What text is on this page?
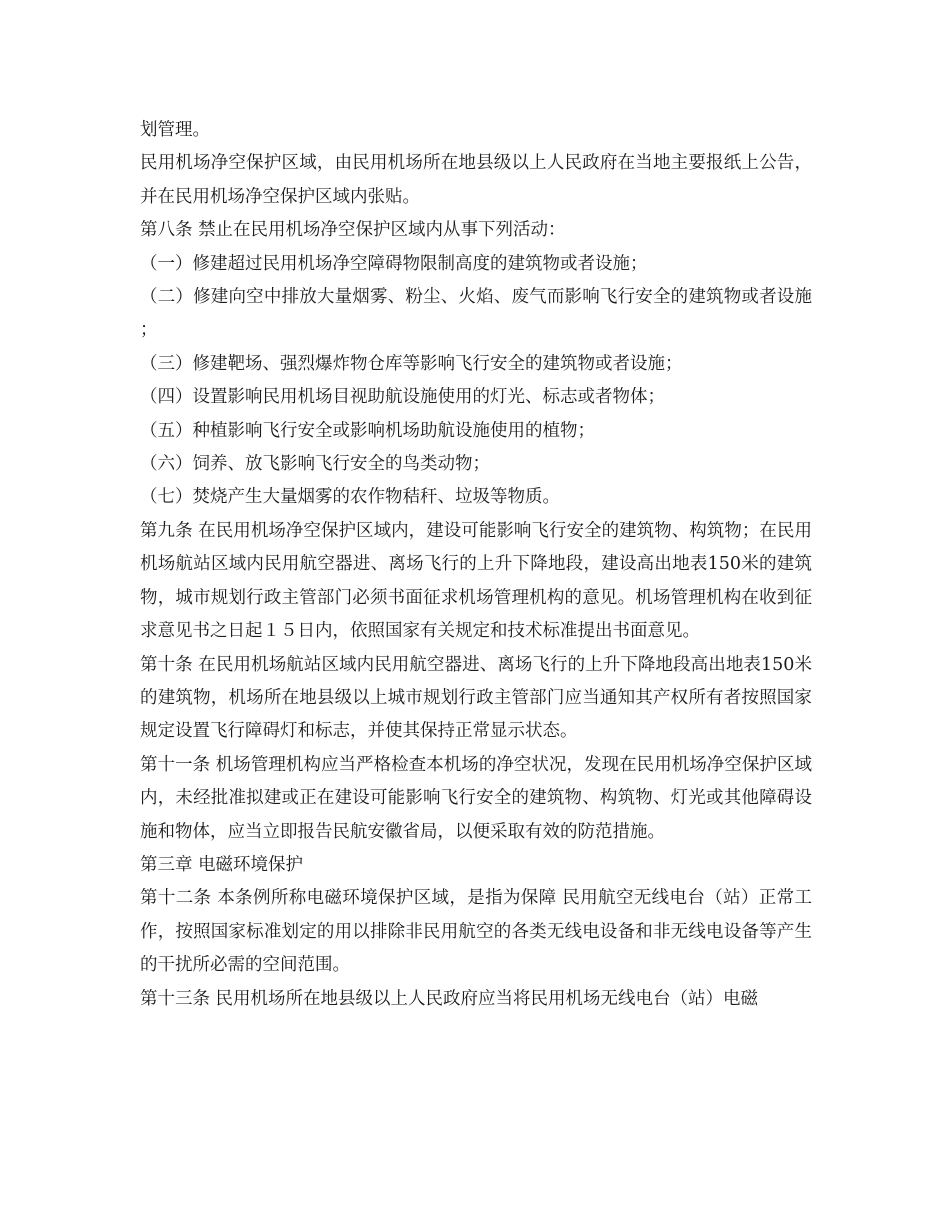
划管理。

民用机场净空保护区域，由民用机场所在地县级以上人民政府在当地主要报纸上公告，并在民用机场净空保护区域内张贴。

第八条 禁止在民用机场净空保护区域内从事下列活动：

（一）修建超过民用机场净空障碍物限制高度的建筑物或者设施；

（二）修建向空中排放大量烟雾、粉尘、火焰、废气而影响飞行安全的建筑物或者设施；

（三）修建靶场、强烈爆炸物仓库等影响飞行安全的建筑物或者设施；

（四）设置影响民用机场目视助航设施使用的灯光、标志或者物体；

（五）种植影响飞行安全或影响机场助航设施使用的植物；

（六）饲养、放飞影响飞行安全的鸟类动物；

（七）焚烧产生大量烟雾的农作物秸秆、垃圾等物质。

第九条 在民用机场净空保护区域内，建设可能影响飞行安全的建筑物、构筑物；在民用机场航站区域内民用航空器进、离场飞行的上升下降地段，建设高出地表150米的建筑物，城市规划行政主管部门必须书面征求机场管理机构的意见。机场管理机构在收到征求意见书之日起１５日内，依照国家有关规定和技术标准提出书面意见。

第十条 在民用机场航站区域内民用航空器进、离场飞行的上升下降地段高出地表150米的建筑物，机场所在地县级以上城市规划行政主管部门应当通知其产权所有者按照国家规定设置飞行障碍灯和标志，并使其保持正常显示状态。

第十一条 机场管理机构应当严格检查本机场的净空状况，发现在民用机场净空保护区域内，未经批准拟建或正在建设可能影响飞行安全的建筑物、构筑物、灯光或其他障碍设施和物体，应当立即报告民航安徽省局，以便采取有效的防范措施。

第三章 电磁环境保护

第十二条 本条例所称电磁环境保护区域，是指为保障 民用航空无线电台（站）正常工作，按照国家标准划定的用以排除非民用航空的各类无线电设备和非无线电设备等产生的干扰所必需的空间范围。

第十三条 民用机场所在地县级以上人民政府应当将民用机场无线电台（站）电磁
